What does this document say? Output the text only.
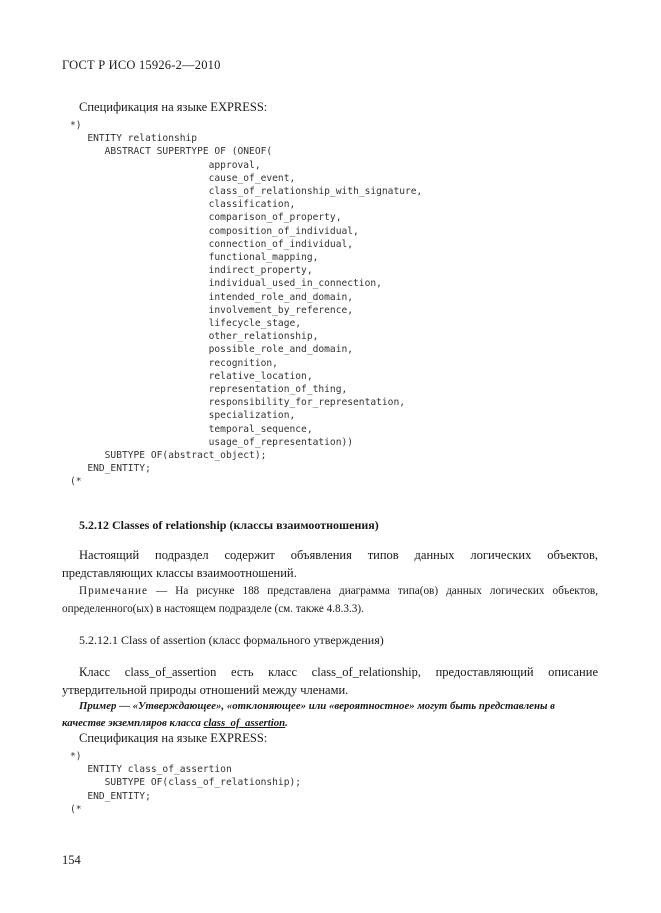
ГОСТ Р ИСО 15926-2—2010
Спецификация на языке EXPRESS:
*)
ENTITY relationship
ABSTRACT SUPERTYPE OF (ONEOF(
approval,
cause_of_event,
class_of_relationship_with_signature,
classification,
comparison_of_property,
composition_of_individual,
connection_of_individual,
functional_mapping,
indirect_property,
individual_used_in_connection,
intended_role_and_domain,
involvement_by_reference,
lifecycle_stage,
other_relationship,
possible_role_and_domain,
recognition,
relative_location,
representation_of_thing,
responsibility_for_representation,
specialization,
temporal_sequence,
usage_of_representation))
SUBTYPE OF(abstract_object);
END_ENTITY;
(*
5.2.12 Classes of relationship (классы взаимоотношения)
Настоящий подраздел содержит объявления типов данных логических объектов, представляющих классы взаимоотношений.
Примечание — На рисунке 188 представлена диаграмма типа(ов) данных логических объектов, определенного(ых) в настоящем подразделе (см. также 4.8.3.3).
5.2.12.1 Class of assertion (класс формального утверждения)
Класс class_of_assertion есть класс class_of_relationship, предоставляющий описание утвердительной природы отношений между членами.
Пример — «Утверждающее», «отклоняющее» или «вероятностное» могут быть представлены в качестве экземпляров класса class_of_assertion.
Спецификация на языке EXPRESS:
*)
ENTITY class_of_assertion
SUBTYPE OF(class_of_relationship);
END_ENTITY;
(*
154
